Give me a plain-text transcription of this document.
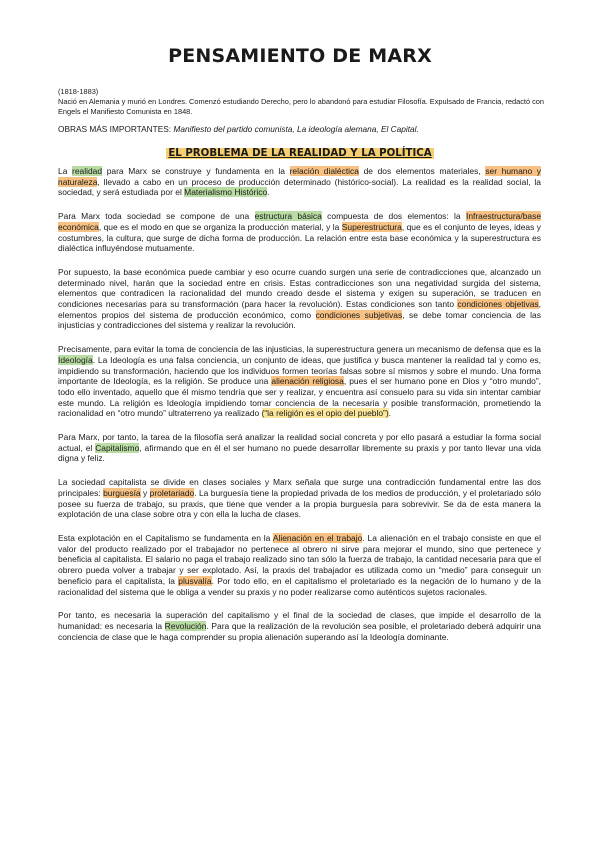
PENSAMIENTO DE MARX
(1818-1883)
Nació en Alemania y murió en Londres. Comenzó estudiando Derecho, pero lo abandonó para estudiar Filosofía. Expulsado de Francia, redactó con Engels el Manifiesto Comunista en 1848.
OBRAS MÁS IMPORTANTES: Manifiesto del partido comunista, La ideología alemana, El Capital.
EL PROBLEMA DE LA REALIDAD Y LA POLÍTICA

La realidad para Marx se construye y fundamenta en la relación dialéctica de dos elementos materiales, ser humano y naturaleza, llevado a cabo en un proceso de producción determinado (histórico-social). La realidad es la realidad social, la sociedad, y será estudiada por el Materialismo Histórico.

Para Marx toda sociedad se compone de una estructura básica compuesta de dos elementos: la Infraestructura/base económica, que es el modo en que se organiza la producción material, y la Superestructura, que es el conjunto de leyes, ideas y costumbres, la cultura, que surge de dicha forma de producción. La relación entre esta base económica y la superestructura es dialéctica influyéndose mutuamente.

Por supuesto, la base económica puede cambiar y eso ocurre cuando surgen una serie de contradicciones que, alcanzado un determinado nivel, harán que la sociedad entre en crisis. Estas contradicciones son una negatividad surgida del sistema, elementos que contradicen la racionalidad del mundo creado desde el sistema y exigen su superación, se traducen en condiciones necesarias para su transformación (para hacer la revolución). Estas condiciones son tanto condiciones objetivas, elementos propios del sistema de producción económico, como condiciones subjetivas, se debe tomar conciencia de las injusticias y contradicciones del sistema y realizar la revolución.

Precisamente, para evitar la toma de conciencia de las injusticias, la superestructura genera un mecanismo de defensa que es la Ideología. La Ideología es una falsa conciencia, un conjunto de ideas, que justifica y busca mantener la realidad tal y como es, impidiendo su transformación, haciendo que los individuos formen teorías falsas sobre sí mismos y sobre el mundo. Una forma importante de Ideología, es la religión. Se produce una alienación religiosa, pues el ser humano pone en Dios y “otro mundo”, todo ello inventado, aquello que él mismo tendría que ser y realizar, y encuentra así consuelo para su vida sin intentar cambiar este mundo. La religión es Ideología impidiendo tomar conciencia de la necesaria y posible transformación, prometiendo la racionalidad en “otro mundo” ultraterreno ya realizado (“la religión es el opio del pueblo”).

Para Marx, por tanto, la tarea de la filosofía será analizar la realidad social concreta y por ello pasará a estudiar la forma social actual, el Capitalismo, afirmando que en él el ser humano no puede desarrollar libremente su praxis y por tanto llevar una vida digna y feliz.

La sociedad capitalista se divide en clases sociales y Marx señala que surge una contradicción fundamental entre las dos principales: burguesía y proletariado. La burguesía tiene la propiedad privada de los medios de producción, y el proletariado sólo posee su fuerza de trabajo, su praxis, que tiene que vender a la propia burguesía para sobrevivir. Se da de esta manera la explotación de una clase sobre otra y con ella la lucha de clases.

Esta explotación en el Capitalismo se fundamenta en la Alienación en el trabajo. La alienación en el trabajo consiste en que el valor del producto realizado por el trabajador no pertenece al obrero ni sirve para mejorar el mundo, sino que pertenece y beneficia al capitalista. El salario no paga el trabajo realizado sino tan sólo la fuerza de trabajo, la cantidad necesaria para que el obrero pueda volver a trabajar y ser explotado. Así, la praxis del trabajador es utilizada como un “medio” para conseguir un beneficio para el capitalista, la plusvalía. Por todo ello, en el capitalismo el proletariado es la negación de lo humano y de la racionalidad del sistema que le obliga a vender su praxis y no poder realizarse como auténticos sujetos racionales.

Por tanto, es necesaria la superación del capitalismo y el final de la sociedad de clases, que impide el desarrollo de la humanidad: es necesaria la Revolución. Para que la realización de la revolución sea posible, el proletariado deberá adquirir una conciencia de clase que le haga comprender su propia alienación superando así la Ideología dominante.
